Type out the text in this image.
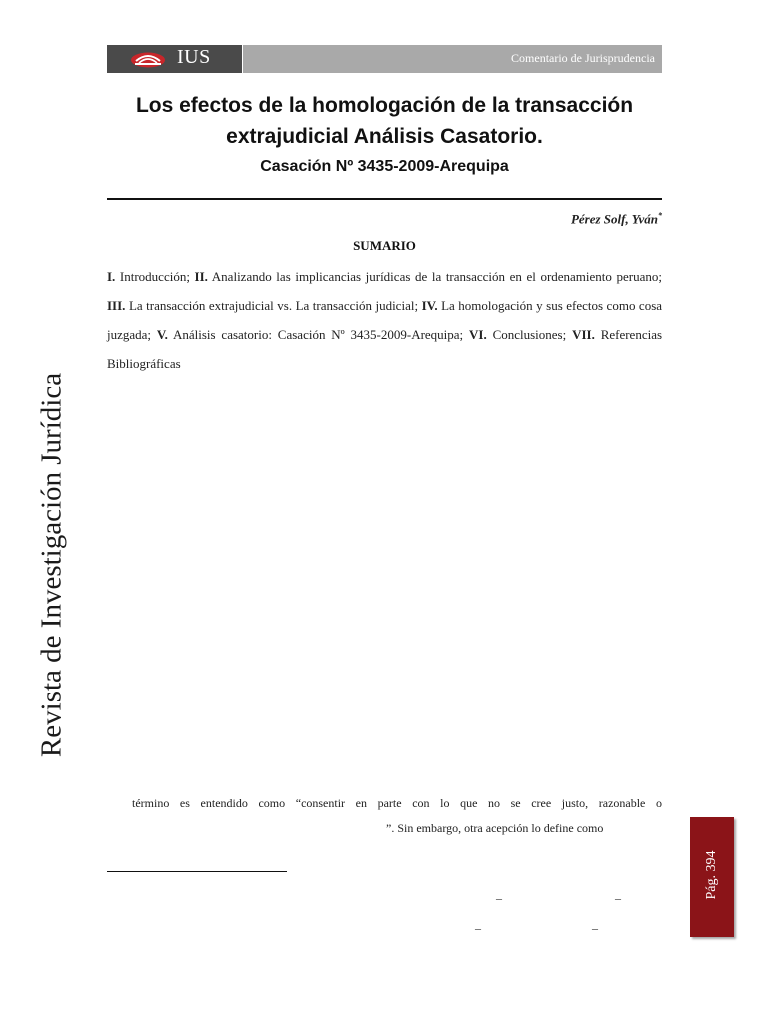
IUS	Comentario de Jurisprudencia
Los efectos de la homologación de la transacción
extrajudicial Análisis Casatorio.
Casación Nº 3435-2009-Arequipa
Pérez Solf, Yván*
SUMARIO
I. Introducción; II. Analizando las implicancias jurídicas de la transacción en el ordenamiento peruano; III. La transacción extrajudicial vs. La transacción judicial; IV. La homologación y sus efectos como cosa juzgada; V. Análisis casatorio: Casación Nº 3435-2009-Arequipa; VI. Conclusiones; VII. Referencias Bibliográficas
Revista de Investigación Jurídica
término es entendido como “consentir en parte con lo que no se cree justo, razonable o
”. Sin embargo, otra acepción lo define como
–	–
–	–
Pág. 394
